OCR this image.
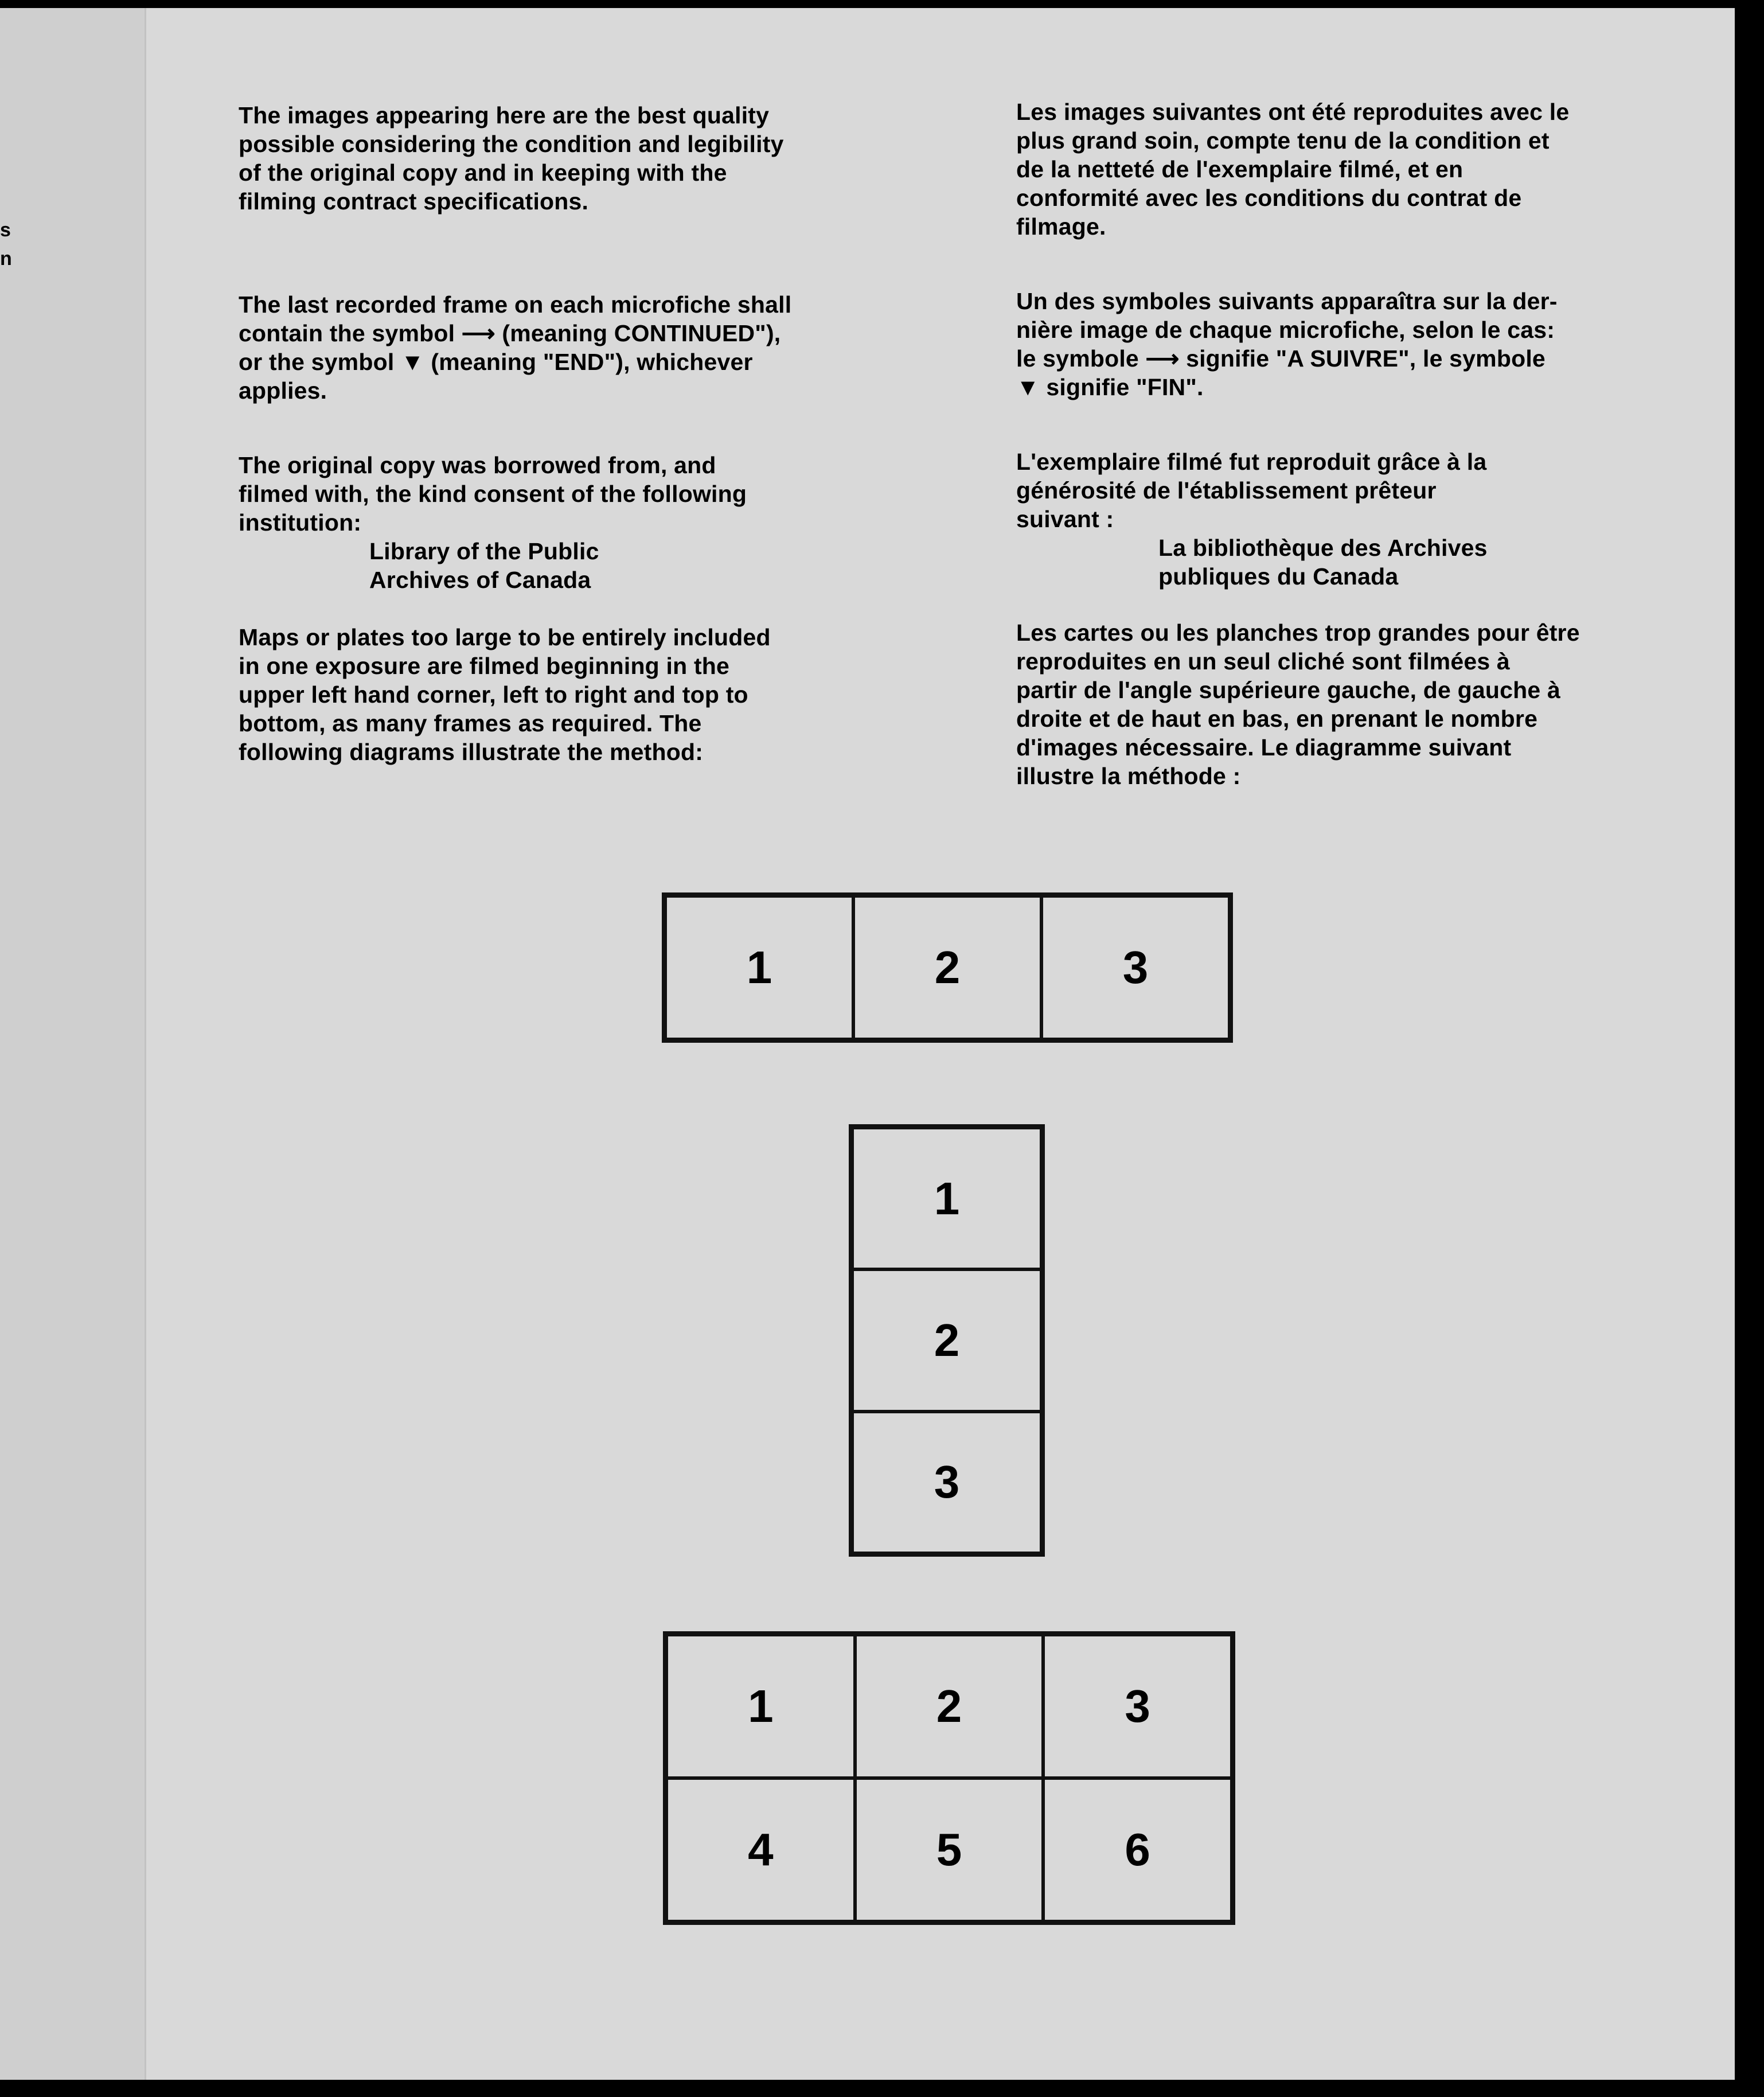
s
n
The images appearing here are the best quality
possible considering the condition and legibility
of the original copy and in keeping with the
filming contract specifications.
The last recorded frame on each microfiche shall
contain the symbol ⟶ (meaning CONTINUED"),
or the symbol ▼ (meaning "END"), whichever
applies.
The original copy was borrowed from, and
filmed with, the kind consent of the following
institution:
Library of the Public
Archives of Canada
Maps or plates too large to be entirely included
in one exposure are filmed beginning in the
upper left hand corner, left to right and top to
bottom, as many frames as required. The
following diagrams illustrate the method:
Les images suivantes ont été reproduites avec le
plus grand soin, compte tenu de la condition et
de la netteté de l'exemplaire filmé, et en
conformité avec les conditions du contrat de
filmage.
Un des symboles suivants apparaîtra sur la der-
nière image de chaque microfiche, selon le cas:
le symbole ⟶ signifie "A SUIVRE", le symbole
▼ signifie "FIN".
L'exemplaire filmé fut reproduit grâce à la
générosité de l'établissement prêteur
suivant :
La bibliothèque des Archives
publiques du Canada
Les cartes ou les planches trop grandes pour être
reproduites en un seul cliché sont filmées à
partir de l'angle supérieure gauche, de gauche à
droite et de haut en bas, en prenant le nombre
d'images nécessaire. Le diagramme suivant
illustre la méthode :
1	2	3
1
2
3
1	2	3
4	5	6
